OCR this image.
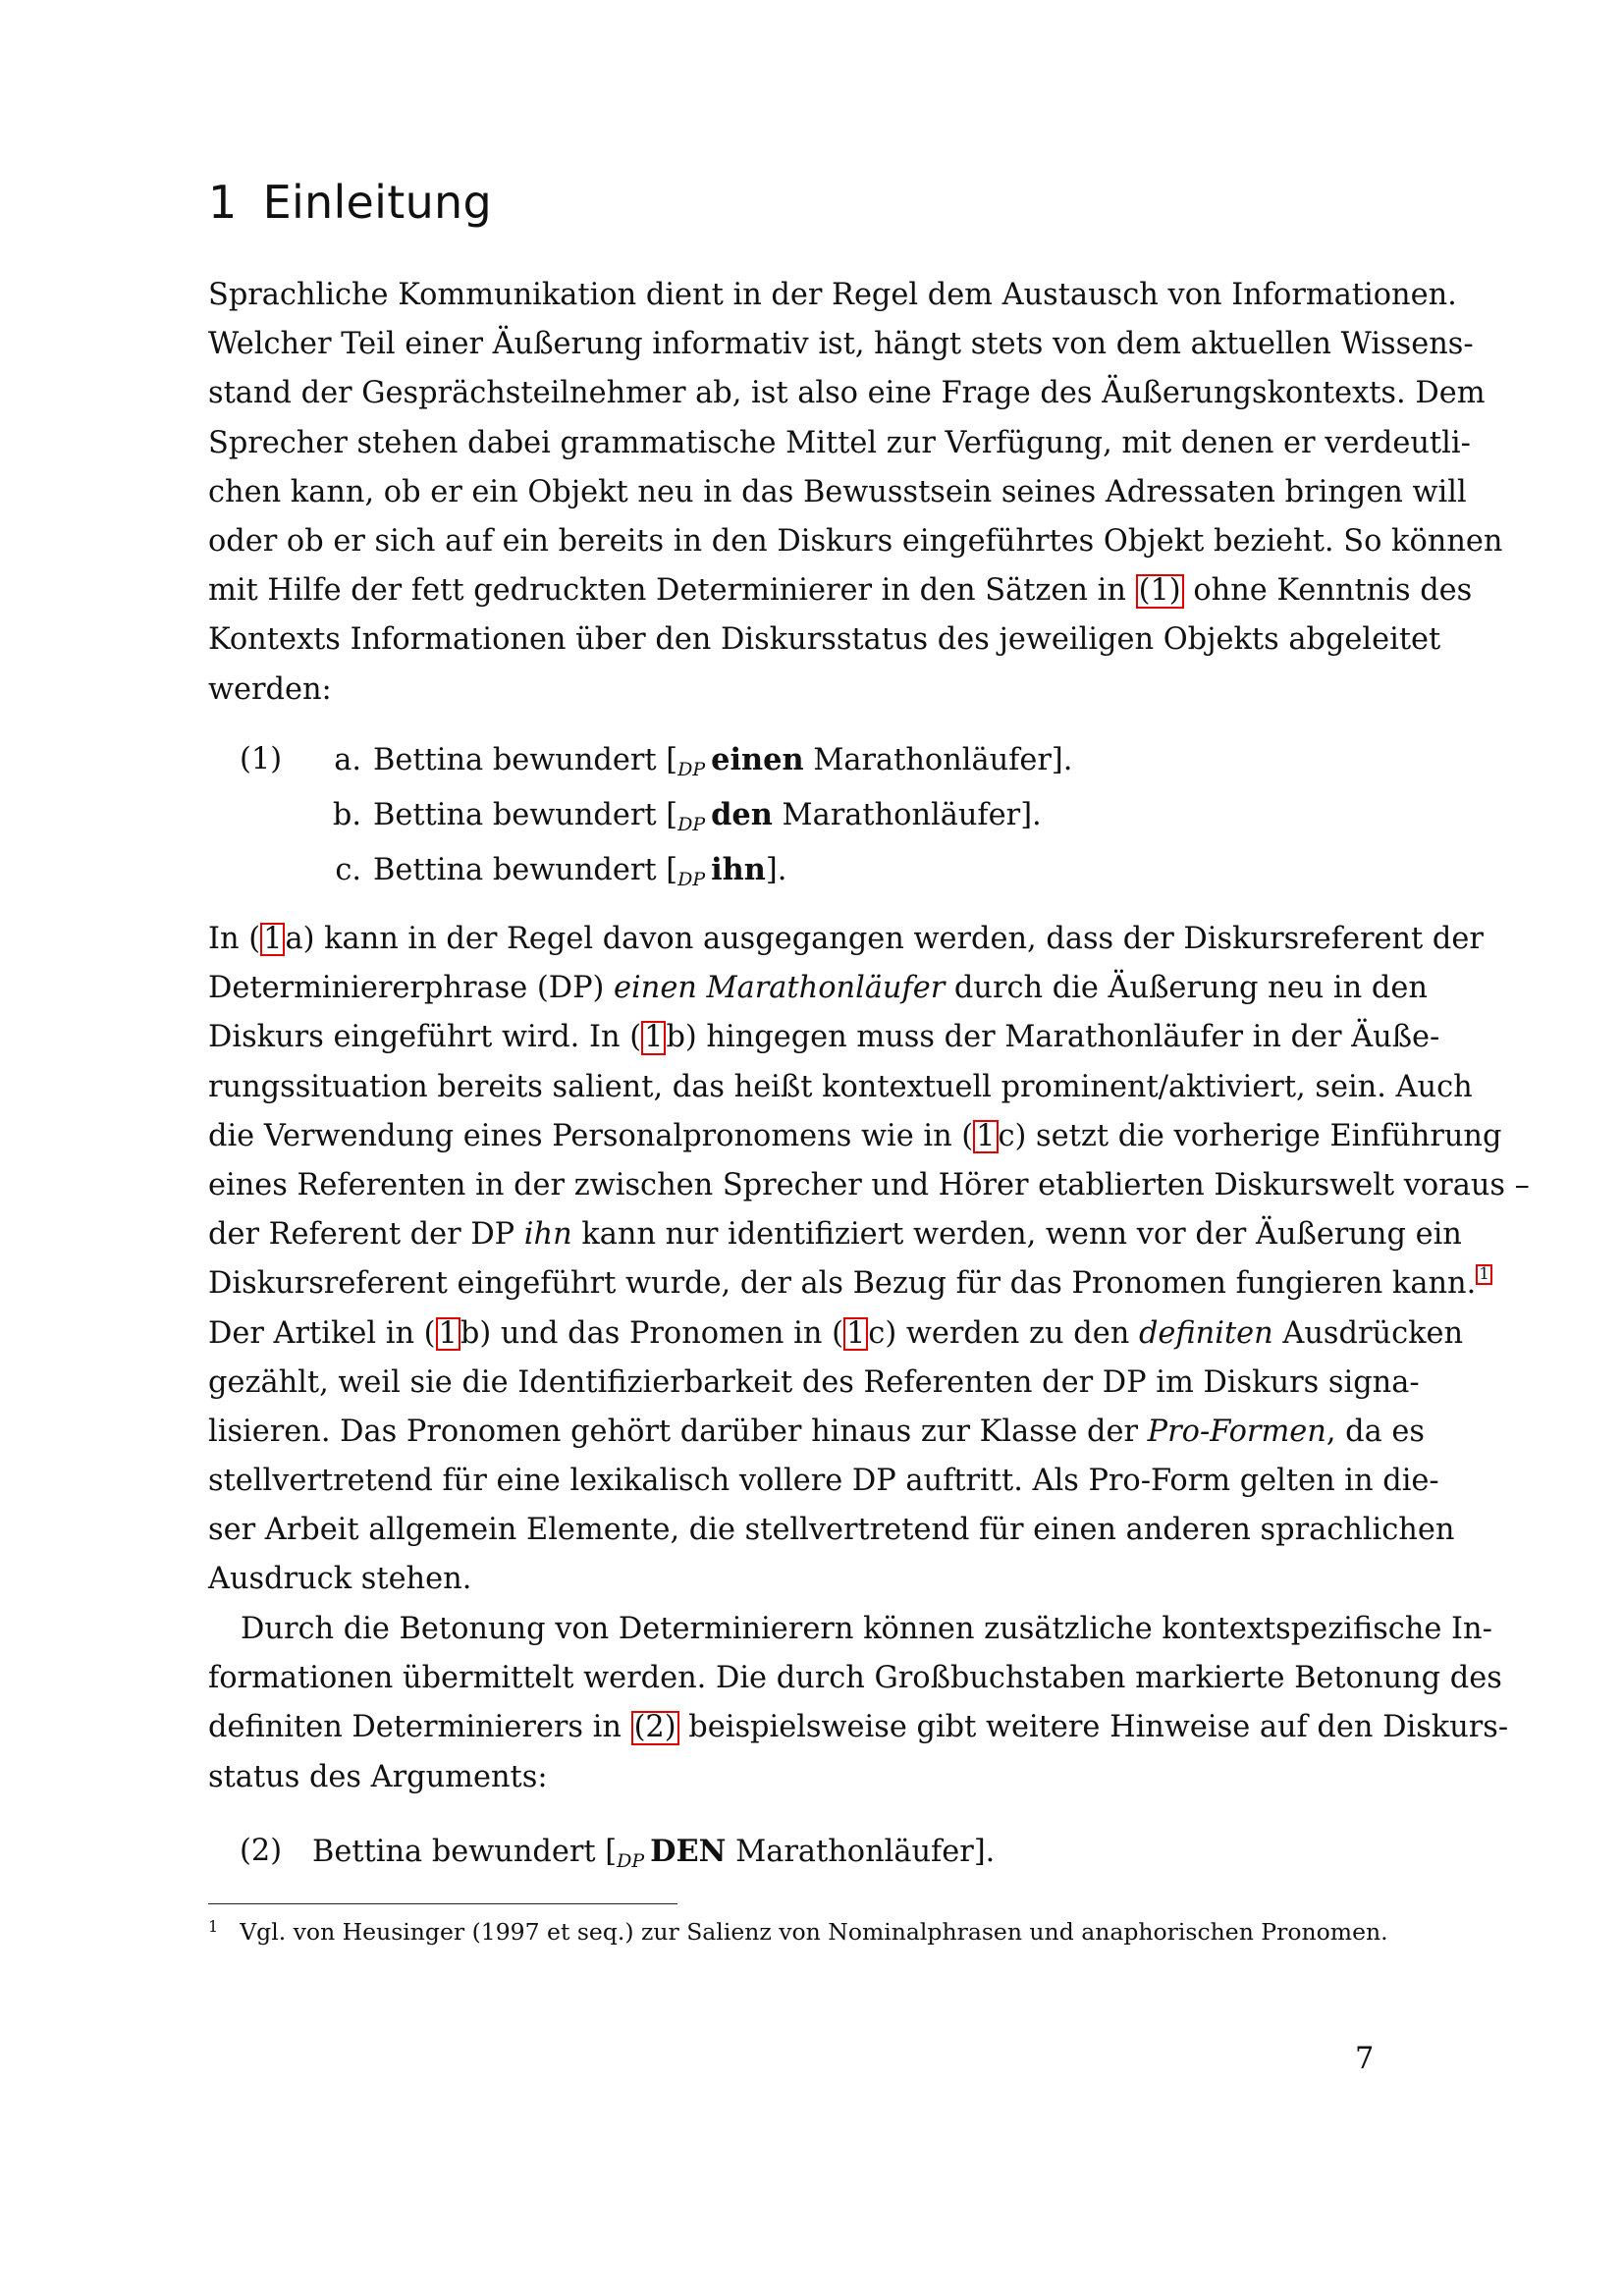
1 Einleitung
Sprachliche Kommunikation dient in der Regel dem Austausch von Informationen.
Welcher Teil einer Äußerung informativ ist, hängt stets von dem aktuellen Wissens-
stand der Gesprächsteilnehmer ab, ist also eine Frage des Äußerungskontexts. Dem
Sprecher stehen dabei grammatische Mittel zur Verfügung, mit denen er verdeutli-
chen kann, ob er ein Objekt neu in das Bewusstsein seines Adressaten bringen will
oder ob er sich auf ein bereits in den Diskurs eingeführtes Objekt bezieht. So können
mit Hilfe der fett gedruckten Determinierer in den Sätzen in (1) ohne Kenntnis des
Kontexts Informationen über den Diskursstatus des jeweiligen Objekts abgeleitet
werden:
(1)	a. Bettina bewundert [$_{DP}$ einen Marathonläufer].
b. Bettina bewundert [$_{DP}$ den Marathonläufer].
c. Bettina bewundert [$_{DP}$ ihn].
In (1a) kann in der Regel davon ausgegangen werden, dass der Diskursreferent der
Determiniererphrase (DP) einen Marathonläufer durch die Äußerung neu in den
Diskurs eingeführt wird. In (1b) hingegen muss der Marathonläufer in der Äuße-
rungssituation bereits salient, das heißt kontextuell prominent/aktiviert, sein. Auch
die Verwendung eines Personalpronomens wie in (1c) setzt die vorherige Einführung
eines Referenten in der zwischen Sprecher und Hörer etablierten Diskurswelt voraus –
der Referent der DP ihn kann nur identifiziert werden, wenn vor der Äußerung ein
Diskursreferent eingeführt wurde, der als Bezug für das Pronomen fungieren kann. 1
Der Artikel in (1b) und das Pronomen in (1c) werden zu den definiten Ausdrücken
gezählt, weil sie die Identifizierbarkeit des Referenten der DP im Diskurs signa-
lisieren. Das Pronomen gehört darüber hinaus zur Klasse der Pro-Formen, da es
stellvertretend für eine lexikalisch vollere DP auftritt. Als Pro-Form gelten in die-
ser Arbeit allgemein Elemente, die stellvertretend für einen anderen sprachlichen
Ausdruck stehen.
Durch die Betonung von Determinierern können zusätzliche kontextspezifische In-
formationen übermittelt werden. Die durch Großbuchstaben markierte Betonung des
definiten Determinierers in (2) beispielsweise gibt weitere Hinweise auf den Diskurs-
status des Arguments:
(2) Bettina bewundert [$_{DP}$ DEN Marathonläufer].
$^1$ Vgl. von Heusinger (1997 et seq.) zur Salienz von Nominalphrasen und anaphorischen Pronomen.
7
